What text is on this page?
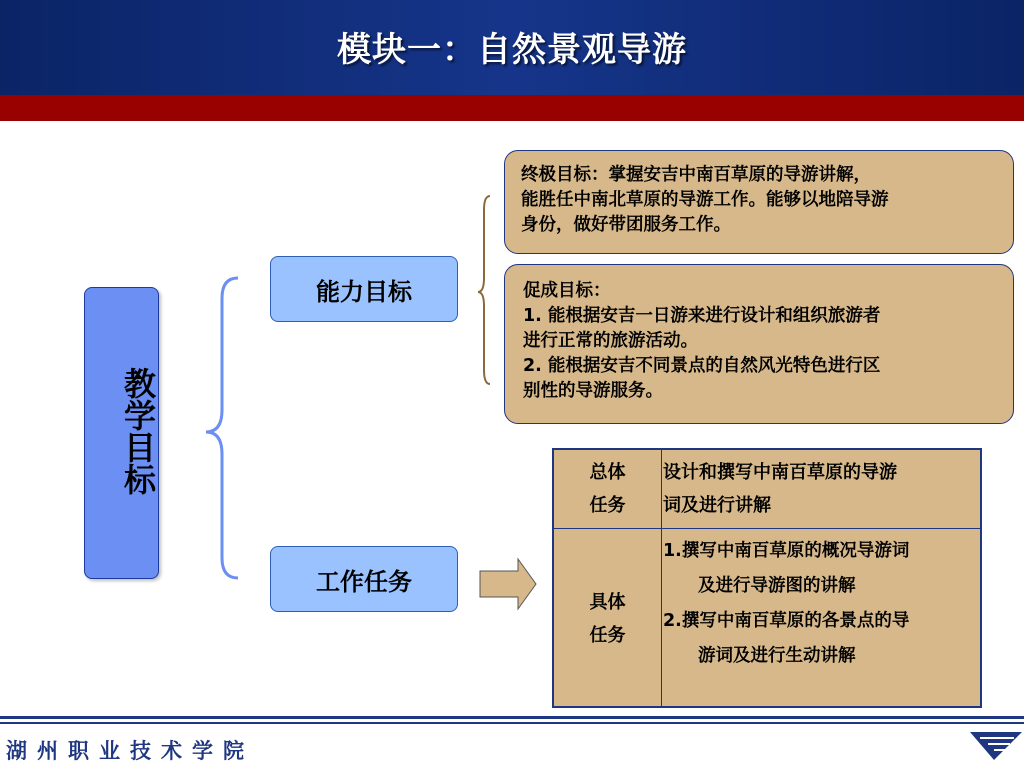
模块一：自然景观导游
教学目标
能力目标
工作任务
终极目标：掌握安吉中南百草原的导游讲解，
能胜任中南北草原的导游工作。能够以地陪导游
身份，做好带团服务工作。
促成目标：
1. 能根据安吉一日游来进行设计和组织旅游者
进行正常的旅游活动。
2. 能根据安吉不同景点的自然风光特色进行区
别性的导游服务。
总体
任务
设计和撰写中南百草原的导游
词及进行讲解
具体
任务
1.撰写中南百草原的概况导游词
　　及进行导游图的讲解
2.撰写中南百草原的各景点的导
　　游词及进行生动讲解
湖州职业技术学院
